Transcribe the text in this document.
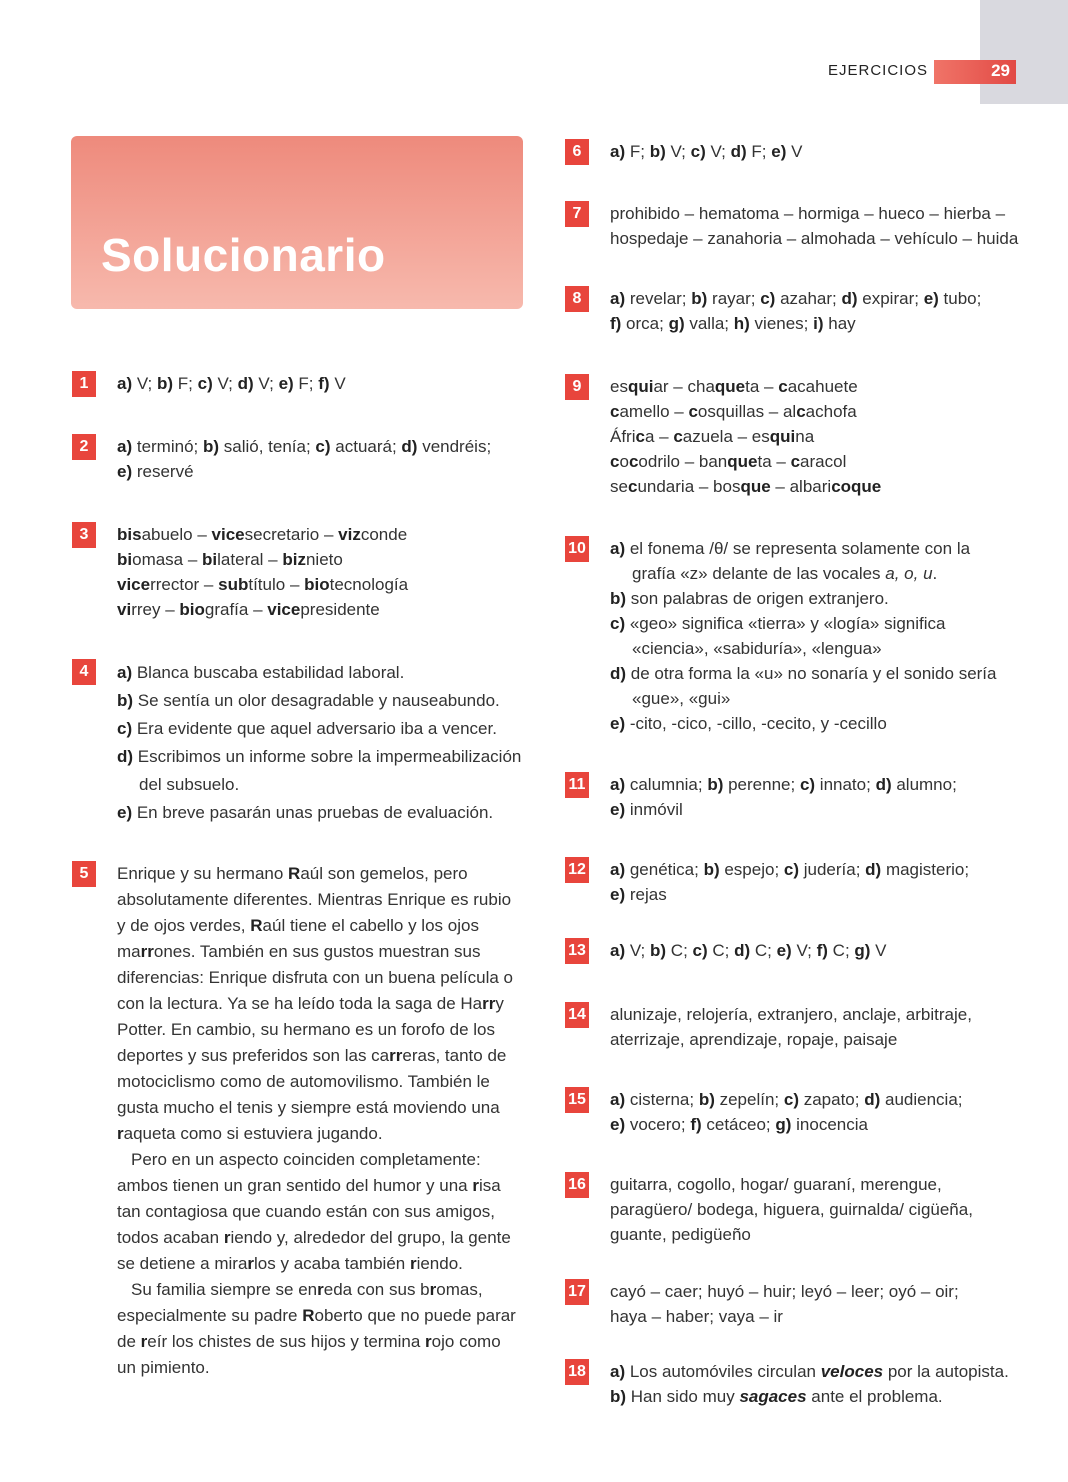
EJERCICIOS	29
Solucionario
1	a) V; b) F; c) V; d) V; e) F; f) V
2	a) terminó; b) salió, tenía; c) actuará; d) vendréis;
e) reservé
3	bisabuelo – vicesecretario – vizconde
biomasa – bilateral – biznieto
vicerrector – subtítulo – biotecnología
virrey – biografía – vicepresidente
4	a) Blanca buscaba estabilidad laboral.
b) Se sentía un olor desagradable y nauseabundo.
c) Era evidente que aquel adversario iba a vencer.
d) Escribimos un informe sobre la impermeabilización
del subsuelo.
e) En breve pasarán unas pruebas de evaluación.
5	Enrique y su hermano Raúl son gemelos, pero absolutamente diferentes. Mientras Enrique es rubio y de ojos verdes, Raúl tiene el cabello y los ojos marrones. También en sus gustos muestran sus diferencias: Enrique disfruta con un buena película o con la lectura. Ya se ha leído toda la saga de Harry Potter. En cambio, su hermano es un forofo de los deportes y sus preferidos son las carreras, tanto de motociclismo como de automovilismo. También le gusta mucho el tenis y siempre está moviendo una raqueta como si estuviera jugando.

Pero en un aspecto coinciden completamente: ambos tienen un gran sentido del humor y una risa tan contagiosa que cuando están con sus amigos, todos acaban riendo y, alrededor del grupo, la gente se detiene a mirarlos y acaba también riendo.

Su familia siempre se enreda con sus bromas, especialmente su padre Roberto que no puede parar de reír los chistes de sus hijos y termina rojo como un pimiento.

6	a) F; b) V; c) V; d) F; e) V
7	prohibido – hematoma – hormiga – hueco – hierba –
hospedaje – zanahoria – almohada – vehículo – huida
8	a) revelar; b) rayar; c) azahar; d) expirar; e) tubo;
f) orca; g) valla; h) vienes; i) hay
9	esquiar – chaqueta – cacahuete
camello – cosquillas – alcachofa
África – cazuela – esquina
cocodrilo – banqueta – caracol
secundaria – bosque – albaricoque
10 a) el fonema /θ/ se representa solamente con la
grafía «z» delante de las vocales a, o, u.
b) son palabras de origen extranjero.
c) «geo» significa «tierra» y «logía» significa
«ciencia», «sabiduría», «lengua»
d) de otra forma la «u» no sonaría y el sonido sería
«gue», «gui»
e) -cito, -cico, -cillo, -cecito, y -cecillo
11 a) calumnia; b) perenne; c) innato; d) alumno;
e) inmóvil
12 a) genética; b) espejo; c) judería; d) magisterio;
e) rejas
13 a) V; b) C; c) C; d) C; e) V; f) C; g) V
14 alunizaje, relojería, extranjero, anclaje, arbitraje,
aterrizaje, aprendizaje, ropaje, paisaje
15 a) cisterna; b) zepelín; c) zapato; d) audiencia;
e) vocero; f) cetáceo; g) inocencia
16 guitarra, cogollo, hogar/ guaraní, merengue,
paragüero/ bodega, higuera, guirnalda/ cigüeña,
guante, pedigüeño
17 cayó – caer; huyó – huir; leyó – leer; oyó – oir;
haya – haber; vaya – ir
18 a) Los automóviles circulan veloces por la autopista.
b) Han sido muy sagaces ante el problema.
